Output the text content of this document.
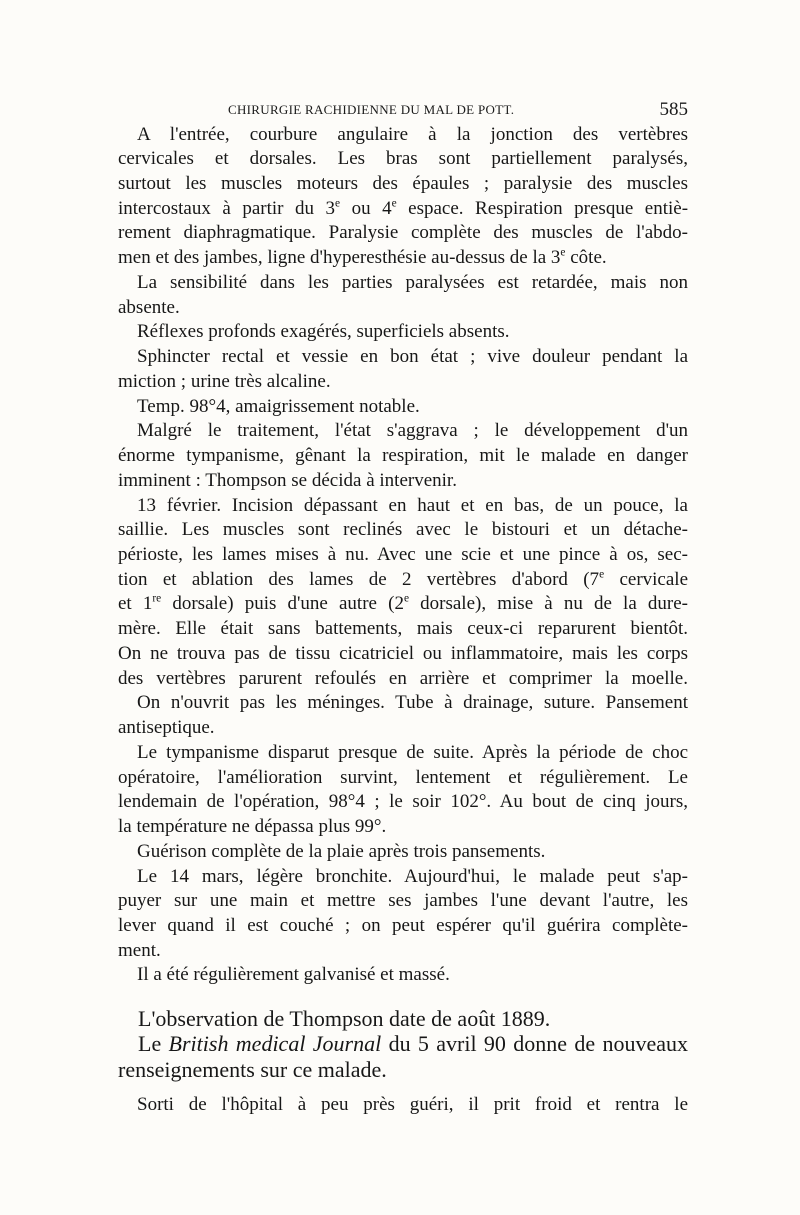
CHIRURGIE RACHIDIENNE DU MAL DE POTT.	585
A l'entrée, courbure angulaire à la jonction des vertèbres
cervicales et dorsales. Les bras sont partiellement paralysés,
surtout les muscles moteurs des épaules ; paralysie des muscles
intercostaux à partir du 3e ou 4e espace. Respiration presque entiè-
rement diaphragmatique. Paralysie complète des muscles de l'abdo-
men et des jambes, ligne d'hyperesthésie au-dessus de la 3e côte.
La sensibilité dans les parties paralysées est retardée, mais non
absente.
Réflexes profonds exagérés, superficiels absents.
Sphincter rectal et vessie en bon état ; vive douleur pendant la
miction ; urine très alcaline.
Temp. 98°4, amaigrissement notable.
Malgré le traitement, l'état s'aggrava ; le développement d'un
énorme tympanisme, gênant la respiration, mit le malade en danger
imminent : Thompson se décida à intervenir.
13 février. Incision dépassant en haut et en bas, de un pouce, la
saillie. Les muscles sont reclinés avec le bistouri et un détache-
périoste, les lames mises à nu. Avec une scie et une pince à os, sec-
tion et ablation des lames de 2 vertèbres d'abord (7e cervicale
et 1re dorsale) puis d'une autre (2e dorsale), mise à nu de la dure-
mère. Elle était sans battements, mais ceux-ci reparurent bientôt.
On ne trouva pas de tissu cicatriciel ou inflammatoire, mais les corps
des vertèbres parurent refoulés en arrière et comprimer la moelle.
On n'ouvrit pas les méninges. Tube à drainage, suture. Pansement
antiseptique.
Le tympanisme disparut presque de suite. Après la période de choc
opératoire, l'amélioration survint, lentement et régulièrement. Le
lendemain de l'opération, 98°4 ; le soir 102°. Au bout de cinq jours,
la température ne dépassa plus 99°.
Guérison complète de la plaie après trois pansements.
Le 14 mars, légère bronchite. Aujourd'hui, le malade peut s'ap-
puyer sur une main et mettre ses jambes l'une devant l'autre, les
lever quand il est couché ; on peut espérer qu'il guérira complète-
ment.
Il a été régulièrement galvanisé et massé.
L'observation de Thompson date de août 1889.
Le British medical Journal du 5 avril 90 donne de nouveaux
renseignements sur ce malade.
Sorti de l'hôpital à peu près guéri, il prit froid et rentra le
